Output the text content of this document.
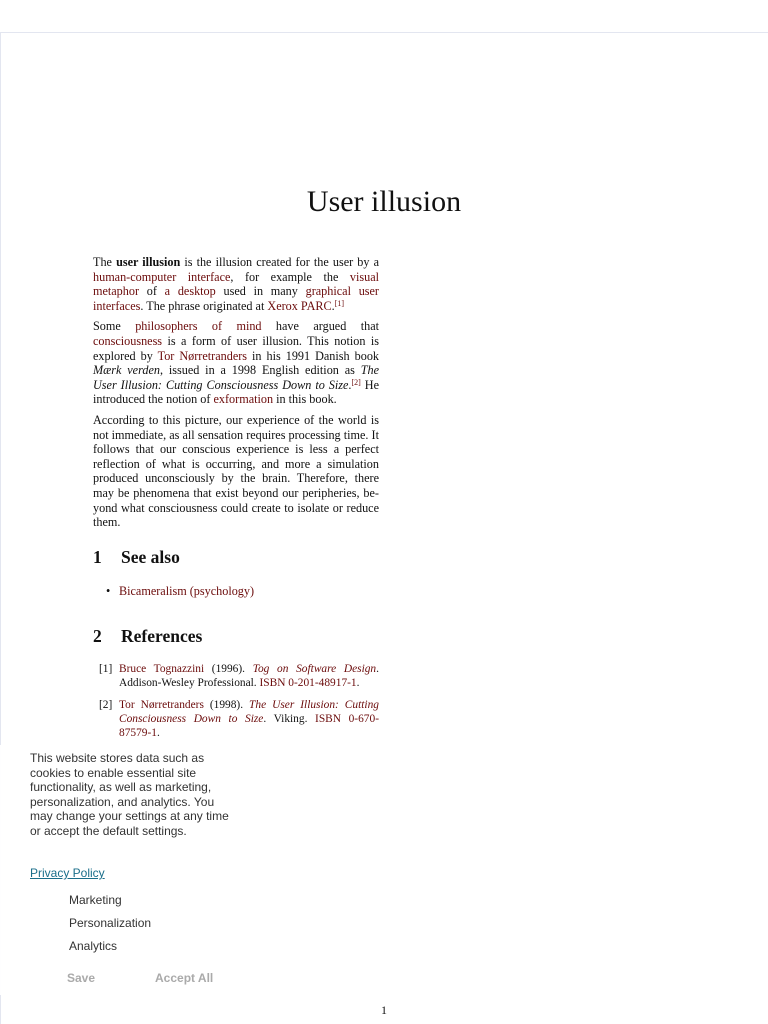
User illusion

The user illusion is the illusion created for the user by a human-computer interface, for example the visual metaphor of a desktop used in many graphical user interfaces. The phrase originated at Xerox PARC.[1]

Some philosophers of mind have argued that consciousness is a form of user illusion. This notion is explored by Tor Nørretranders in his 1991 Danish book Mærk verden, issued in a 1998 English edition as The User Illusion: Cutting Consciousness Down to Size.[2] He introduced the notion of exformation in this book.

According to this picture, our experience of the world is not immediate, as all sensation requires processing time. It follows that our conscious experience is less a perfect reflection of what is occurring, and more a simulation produced unconsciously by the brain. Therefore, there may be phenomena that exist beyond our peripheries, be- yond what consciousness could create to isolate or reduce them.

1 See also
• Bicameralism (psychology)
2 References
[1] Bruce Tognazzini (1996). Tog on Software Design. Addison-Wesley Professional. ISBN 0-201-48917-1.
[2] Tor Nørretranders (1998). The User Illusion: Cutting Consciousness Down to Size. Viking. ISBN 0-670-87579-1.
1

This website stores data such as cookies to enable essential site functionality, as well as marketing, personalization, and analytics. You may change your settings at any time or accept the default settings.

Privacy Policy
Marketing
Personalization
Analytics
Save	Accept All
